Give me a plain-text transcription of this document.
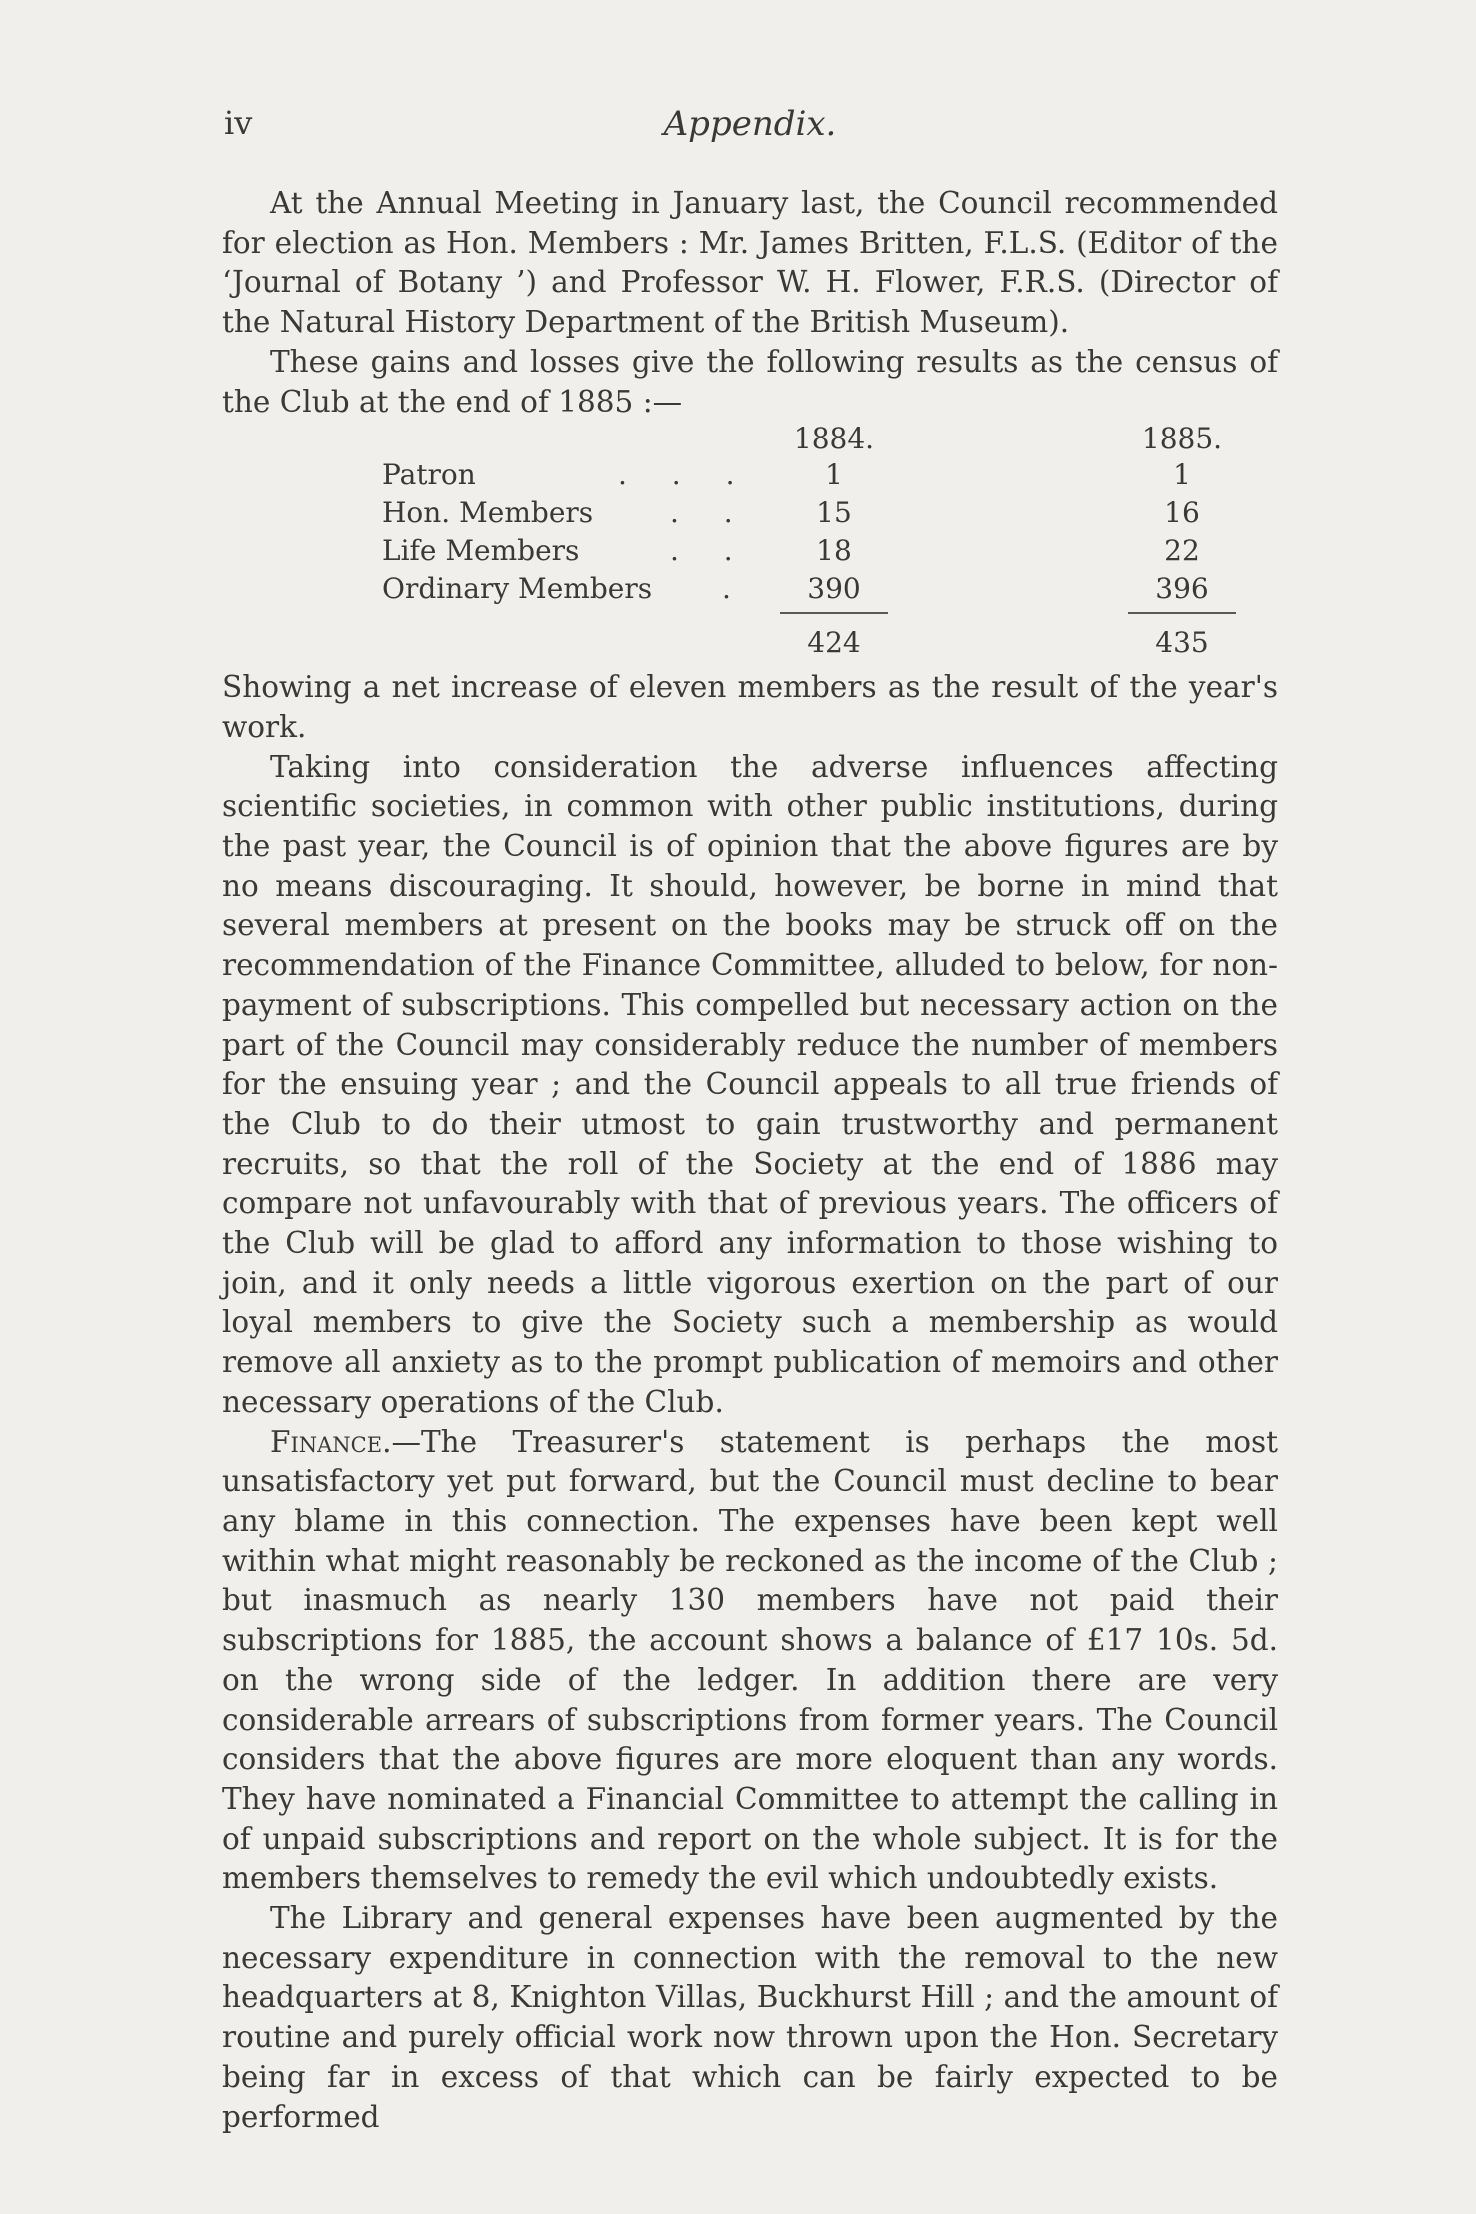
iv	Appendix.

At the Annual Meeting in January last, the Council recommended for election as Hon. Members : Mr. James Britten, F.L.S. (Editor of the ‘Journal of Botany ’) and Professor W. H. Flower, F.R.S. (Director of the Natural History Department of the British Museum).

These gains and losses give the following results as the census of the Club at the end of 1885 :—

1884.	1885.
Patron	. . .	1	1
Hon. Members	. .	15	16
Life Members	. .	18	22
Ordinary Members .	390	396
424	435

Showing a net increase of eleven members as the result of the year's work.

Taking into consideration the adverse influences affecting scientific societies, in common with other public institutions, during the past year, the Council is of opinion that the above figures are by no means discouraging. It should, however, be borne in mind that several members at present on the books may be struck off on the recommendation of the Finance Committee, alluded to below, for non-payment of subscriptions. This compelled but necessary action on the part of the Council may considerably reduce the number of members for the ensuing year ; and the Council appeals to all true friends of the Club to do their utmost to gain trustworthy and permanent recruits, so that the roll of the Society at the end of 1886 may compare not unfavourably with that of previous years. The officers of the Club will be glad to afford any information to those wishing to join, and it only needs a little vigorous exertion on the part of our loyal members to give the Society such a membership as would remove all anxiety as to the prompt publication of memoirs and other necessary operations of the Club.

Finance.—The Treasurer's statement is perhaps the most unsatisfactory yet put forward, but the Council must decline to bear any blame in this connection. The expenses have been kept well within what might reasonably be reckoned as the income of the Club ; but inasmuch as nearly 130 members have not paid their subscriptions for 1885, the account shows a balance of £17 10s. 5d. on the wrong side of the ledger. In addition there are very considerable arrears of subscriptions from former years. The Council considers that the above figures are more eloquent than any words. They have nominated a Financial Committee to attempt the calling in of unpaid subscriptions and report on the whole subject. It is for the members themselves to remedy the evil which undoubtedly exists.

The Library and general expenses have been augmented by the necessary expenditure in connection with the removal to the new headquarters at 8, Knighton Villas, Buckhurst Hill ; and the amount of routine and purely official work now thrown upon the Hon. Secretary being far in excess of that which can be fairly expected to be performed
